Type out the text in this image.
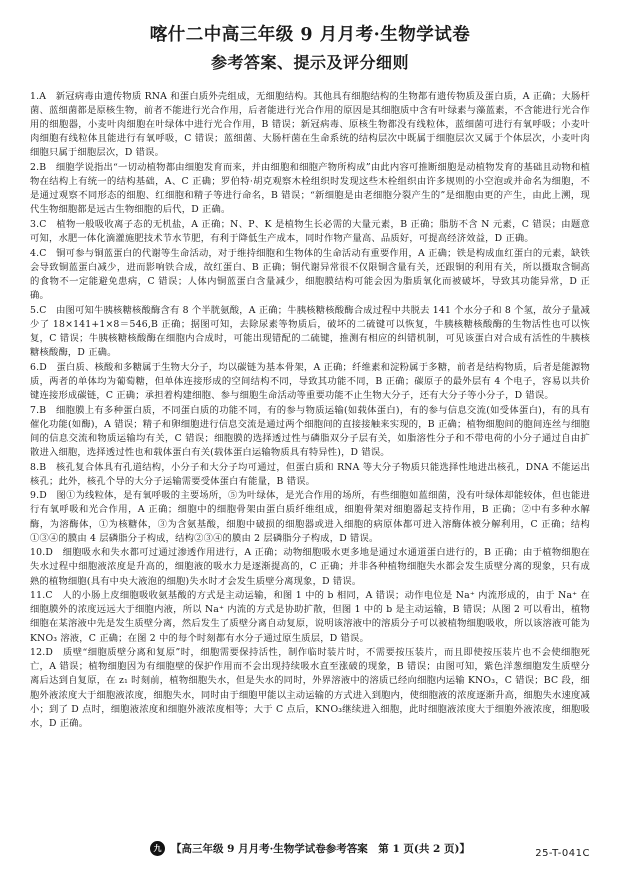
喀什二中高三年级 9 月月考·生物学试卷
参考答案、提示及评分细则
1.A　 新冠病毒由遗传物质 RNA 和蛋白质外壳组成，无细胞结构。其他具有细胞结构的生物都有遗传物质及蛋白质，A 正确；大肠杆菌、蓝细菌都是原核生物，前者不能进行光合作用，后者能进行光合作用的原因是其细胞质中含有叶绿素与藻蓝素，不含能进行光合作用的细胞器，小麦叶肉细胞在叶绿体中进行光合作用，B 错误；新冠病毒、原核生物都没有线粒体，蓝细菌可进行有氧呼吸；小麦叶肉细胞有线粒体且能进行有氧呼吸，C 错误；蓝细菌、大肠杆菌在生命系统的结构层次中既属于细胞层次又属于个体层次，小麦叶肉细胞只属于细胞层次，D 错误。
2.B　 细胞学说指出“一切动植物都由细胞发育而来，并由细胞和细胞产物所构成”由此内容可推断细胞是动植物发育的基础且动物和植物在结构上有统一的结构基础，A、C 正确；罗伯特·胡克观察木栓组织时发现这些木栓组织由许多规则的小空泡或并命名为细胞，不是通过观察不同形态的细胞、红细胞和精子等进行命名，B 错误；“新细胞是由老细胞分裂产生的”是细胞由更的产生，由此上溯，现代生物细胞都是远古生物细胞的后代，D 正确。
3.C　 植物一般吸收离子态的无机盐，A 正确；N、P、K 是植物生长必需的大量元素，B 正确；脂肪不含 N 元素，C 错误；由题意可知，水肥一体化滴灌施肥技术节水节肥，有利于降低生产成本，同时作物产量高、品质好，可提高经济效益，D 正确。
4.C　 铜可参与铜蓝蛋白的代谢等生命活动，对于维持细胞和生物体的生命活动有重要作用，A 正确；铁是构成血红蛋白的元素，缺铁会导致铜蓝蛋白减少，进而影响铁合成，故红蛋白、B 正确；铜代谢异常很不仅限铜含量有关，还跟铜的利用有关，所以摄取含铜高的食物不一定能避免患病，C 错误；人体内铜蓝蛋白含量减少，细胞膜结构可能会因为脂质氧化而被破坏，导致其功能异常，D 正确。
5.C　 由图可知牛胰核糖核酸酶含有 8 个半胱氨酸，A 正确；牛胰核糖核酸酶合成过程中共脱去 141 个水分子和 8 个氢，故分子量减少了 18×141+1×8＝546,B 正确；据图可知，去除尿素等物质后，破坏的二硫键可以恢复，牛胰核糖核酸酶的生物活性也可以恢复，C 错误；牛胰核糖核酸酶在细胞内合成时，可能出现错配的二硫键，推测有相应的纠错机制，可见该蛋白对合成有活性的牛胰核糖核酸酶，D 正确。
6.D　 蛋白质、核酸和多糖属于生物大分子，均以碳链为基本骨架，A 正确；纤维素和淀粉属于多糖，前者是结构物质，后者是能源物质，两者的单体均为葡萄糖，但单体连接形成的空间结构不同，导致其功能不同，B 正确；碳原子的最外层有 4 个电子，容易以共价键连接形成碳链，C 正确；承担着构建细胞、参与细胞生命活动等重要功能不止生物大分子，还有大分子等小分子，D 错误。
7.B　 细胞膜上有多种蛋白质，不同蛋白质的功能不同，有的参与物质运输(如载体蛋白)，有的参与信息交流(如受体蛋白)，有的具有催化功能(如酶)，A 错误；精子和卵细胞进行信息交流是通过两个细胞间的直接接触来实现的，B 正确；植物细胞间的胞间连丝与细胞间的信息交流和物质运输均有关，C 错误；细胞膜的选择透过性与磷脂双分子层有关，如脂溶性分子和不带电荷的小分子通过自由扩散进入细胞，选择透过性也和载体蛋白有关(载体蛋白运输物质具有特异性)，D 错误。
8.B　 核孔复合体具有孔道结构，小分子和大分子均可通过，但蛋白质和 RNA 等大分子物质只能选择性地进出核孔，DNA 不能运出核孔；此外，核孔个导的大分子运输需要受体蛋白有能量，B 错误。
9.D　 图①为线粒体，是有氧呼吸的主要场所，⑤为叶绿体，是光合作用的场所，有些细胞如蓝细菌，没有叶绿体却能较体，但也能进行有氧呼吸和光合作用，A 正确；细胞中的细胞骨架由蛋白质纤维组成，细胞骨架对细胞器起支持作用，B 正确；②中有多种水解酶，为溶酶体，①为核糖体，③为含氨基酸，细胞中破损的细胞器或进入细胞的病原体都可进入溶酶体被分解利用，C 正确；结构①③④的膜由 4 层磷脂分子构成，结构②③④的膜由 2 层磷脂分子构成，D 错误。
10.D　 细胞吸水和失水都可过通过渗透作用进行，A 正确；动物细胞吸水更多地是通过水通道蛋白进行的，B 正确；由于植物细胞在失水过程中细胞液浓度是升高的，细胞液的吸水力是逐渐提高的，C 正确；并非各种植物细胞失水都会发生质壁分离的现象，只有成熟的植物细胞(具有中央大液泡的细胞)失水时才会发生质壁分离现象，D 错误。
11.C　 人的小肠上皮细胞吸收氨基酸的方式是主动运输，和图 1 中的 b 相同，A 错误；动作电位是 Na⁺ 内流形成的，由于 Na⁺ 在细胞膜外的浓度远远大于细胞内液，所以 Na⁺ 内流的方式是协助扩散，但图 1 中的 b 是主动运输，B 错误；从图 2 可以看出，植物细胞在某溶液中先是发生质壁分离，然后发生了质壁分离自动复原，说明该溶液中的溶质分子可以被植物细胞吸收，所以该溶液可能为 KNO₃ 溶液，C 正确；在图 2 中的每个时刻都有水分子通过原生质层，D 错误。
12.D　 质壁“细胞质壁分离和复原”时，细胞需要保持活性，制作临时装片时，不需要按压装片，而且即使按压装片也不会使细胞死亡，A 错误；植物细胞因为有细胞壁的保护作用而不会出现持续吸水直至涨破的现象，B 错误；由图可知，紫色洋葱细胞发生质壁分离后达到自复原，在 z₁ 时刻前，植物细胞失水，但是失水的同时，外界溶液中的溶质已经向细胞内运输 KNO₃，C 错误；BC 段，细胞外液浓度大于细胞液浓度，细胞失水，同时由于细胞甲能以主动运输的方式进入到胞内，使细胞液的浓度逐渐升高，细胞失水速度减小；到了 D 点时，细胞液浓度和细胞外液浓度相等；大于 C 点后，KNO₃继续进入细胞，此时细胞液浓度大于细胞外液浓度，细胞吸水，D 正确。
九 【高三年级 9 月月考·生物学试卷参考答案　第 1 页(共 2 页)】	25-T-041C
